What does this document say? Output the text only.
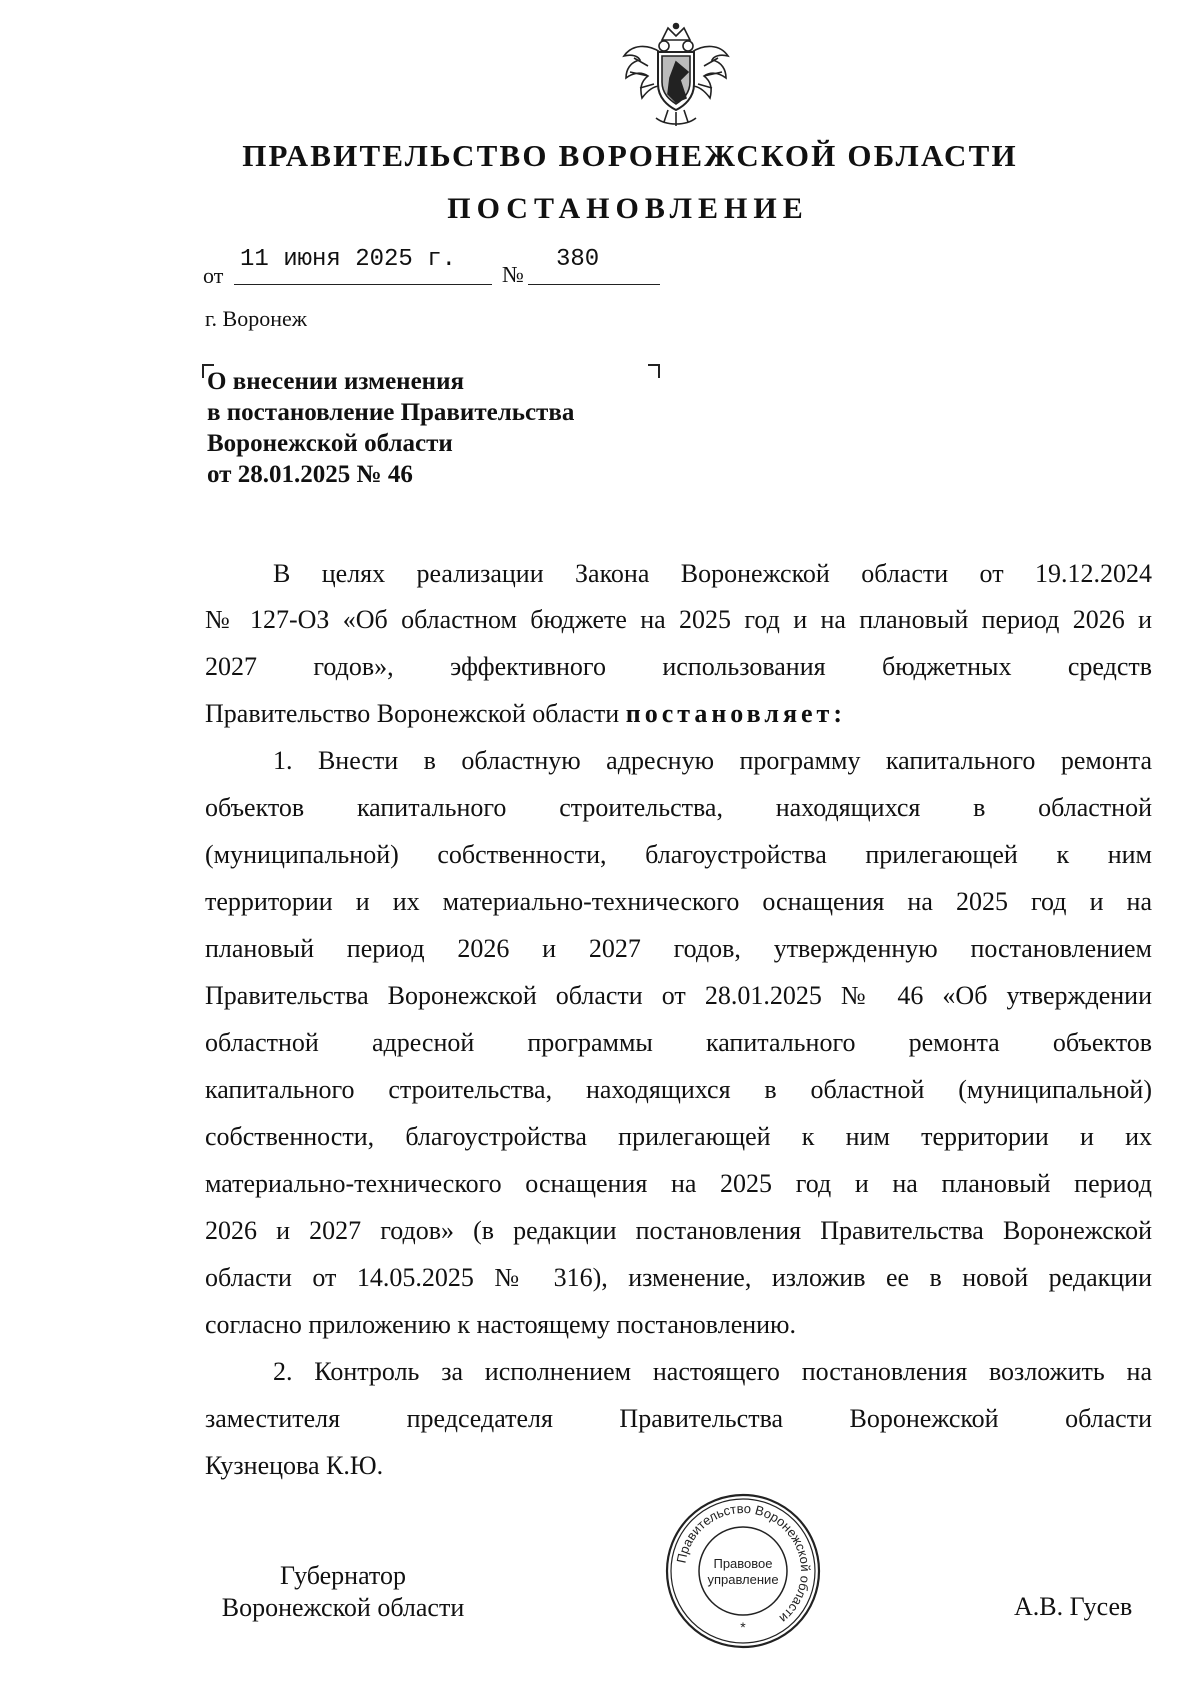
ПРАВИТЕЛЬСТВО ВОРОНЕЖСКОЙ ОБЛАСТИ
ПОСТАНОВЛЕНИЕ
от
11 июня 2025 г.
№
380
г. Воронеж
О внесении изменения
в постановление Правительства
Воронежской области
от 28.01.2025 № 46
В целях реализации Закона Воронежской области от 19.12.2024
№ 127-ОЗ «Об областном бюджете на 2025 год и на плановый период 2026 и
2027 годов», эффективного использования бюджетных средств
Правительство Воронежской области постановляет:
1. Внести в областную адресную программу капитального ремонта
объектов капитального строительства, находящихся в областной
(муниципальной) собственности, благоустройства прилегающей к ним
территории и их материально-технического оснащения на 2025 год и на
плановый период 2026 и 2027 годов, утвержденную постановлением
Правительства Воронежской области от 28.01.2025 № 46 «Об утверждении
областной адресной программы капитального ремонта объектов
капитального строительства, находящихся в областной (муниципальной)
собственности, благоустройства прилегающей к ним территории и их
материально-технического оснащения на 2025 год и на плановый период
2026 и 2027 годов» (в редакции постановления Правительства Воронежской
области от 14.05.2025 № 316), изменение, изложив ее в новой редакции
согласно приложению к настоящему постановлению.
2. Контроль за исполнением настоящего постановления возложить на
заместителя председателя Правительства Воронежской области
Кузнецова К.Ю.
Правительство Воронежской области
Правовое
управление
*
Губернатор
Воронежской области	А.В. Гусев
